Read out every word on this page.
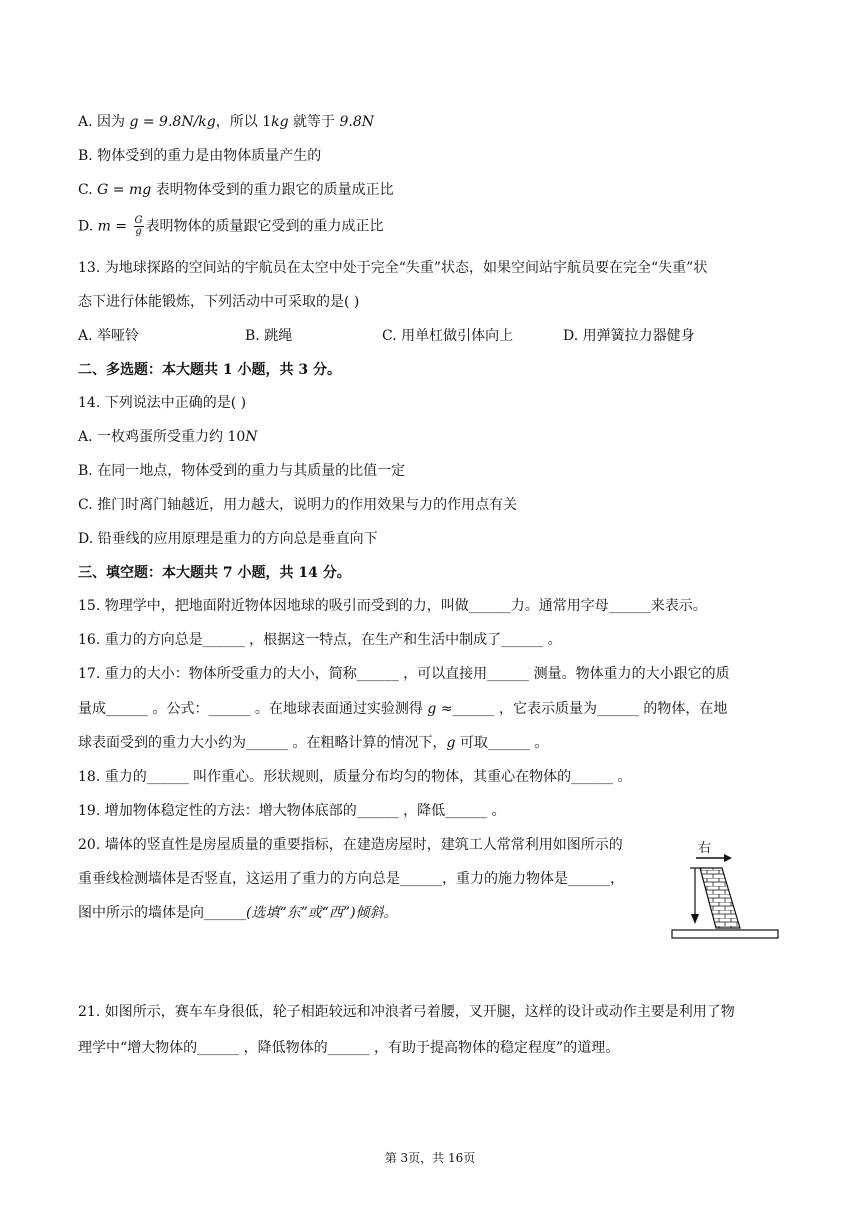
A. 因为 g = 9.8N/kg，所以 1kg 就等于 9.8N
B. 物体受到的重力是由物体质量产生的
C. G = mg 表明物体受到的重力跟它的质量成正比
D. $m = \frac{G}{g}$ 表明物体的质量跟它受到的重力成正比
13. 为地球探路的空间站的宇航员在太空中处于完全“失重”状态，如果空间站宇航员要在完全“失重”状
态下进行体能锻炼，下列活动中可采取的是( )
A. 举哑铃	B. 跳绳	C. 用单杠做引体向上	D. 用弹簧拉力器健身
二、多选题：本大题共 1 小题，共 3 分。
14. 下列说法中正确的是( )
A. 一枚鸡蛋所受重力约 10N
B. 在同一地点，物体受到的重力与其质量的比值一定
C. 推门时离门轴越近，用力越大，说明力的作用效果与力的作用点有关
D. 铅垂线的应用原理是重力的方向总是垂直向下
三、填空题：本大题共 7 小题，共 14 分。
15. 物理学中，把地面附近物体因地球的吸引而受到的力，叫做______力。通常用字母______来表示。
16. 重力的方向总是______ ，根据这一特点，在生产和生活中制成了______ 。
17. 重力的大小：物体所受重力的大小，简称______ ，可以直接用______ 测量。物体重力的大小跟它的质
量成______ 。公式：______ 。在地球表面通过实验测得 g ≈______ ，它表示质量为______ 的物体，在地
球表面受到的重力大小约为______ 。在粗略计算的情况下，g 可取______ 。
18. 重力的______ 叫作重心。形状规则，质量分布均匀的物体，其重心在物体的______ 。
19. 增加物体稳定性的方法：增大物体底部的______ ，降低______ 。
20. 墙体的竖直性是房屋质量的重要指标，在建造房屋时，建筑工人常常利用如图所示的
重垂线检测墙体是否竖直，这运用了重力的方向总是______，重力的施力物体是______，
图中所示的墙体是向______(选填“东”或“西”)倾斜。
右
21. 如图所示，赛车车身很低，轮子相距较远和冲浪者弓着腰，叉开腿，这样的设计或动作主要是利用了物
理学中“增大物体的______ ，降低物体的______ ，有助于提高物体的稳定程度”的道理。
第 3页，共 16页
